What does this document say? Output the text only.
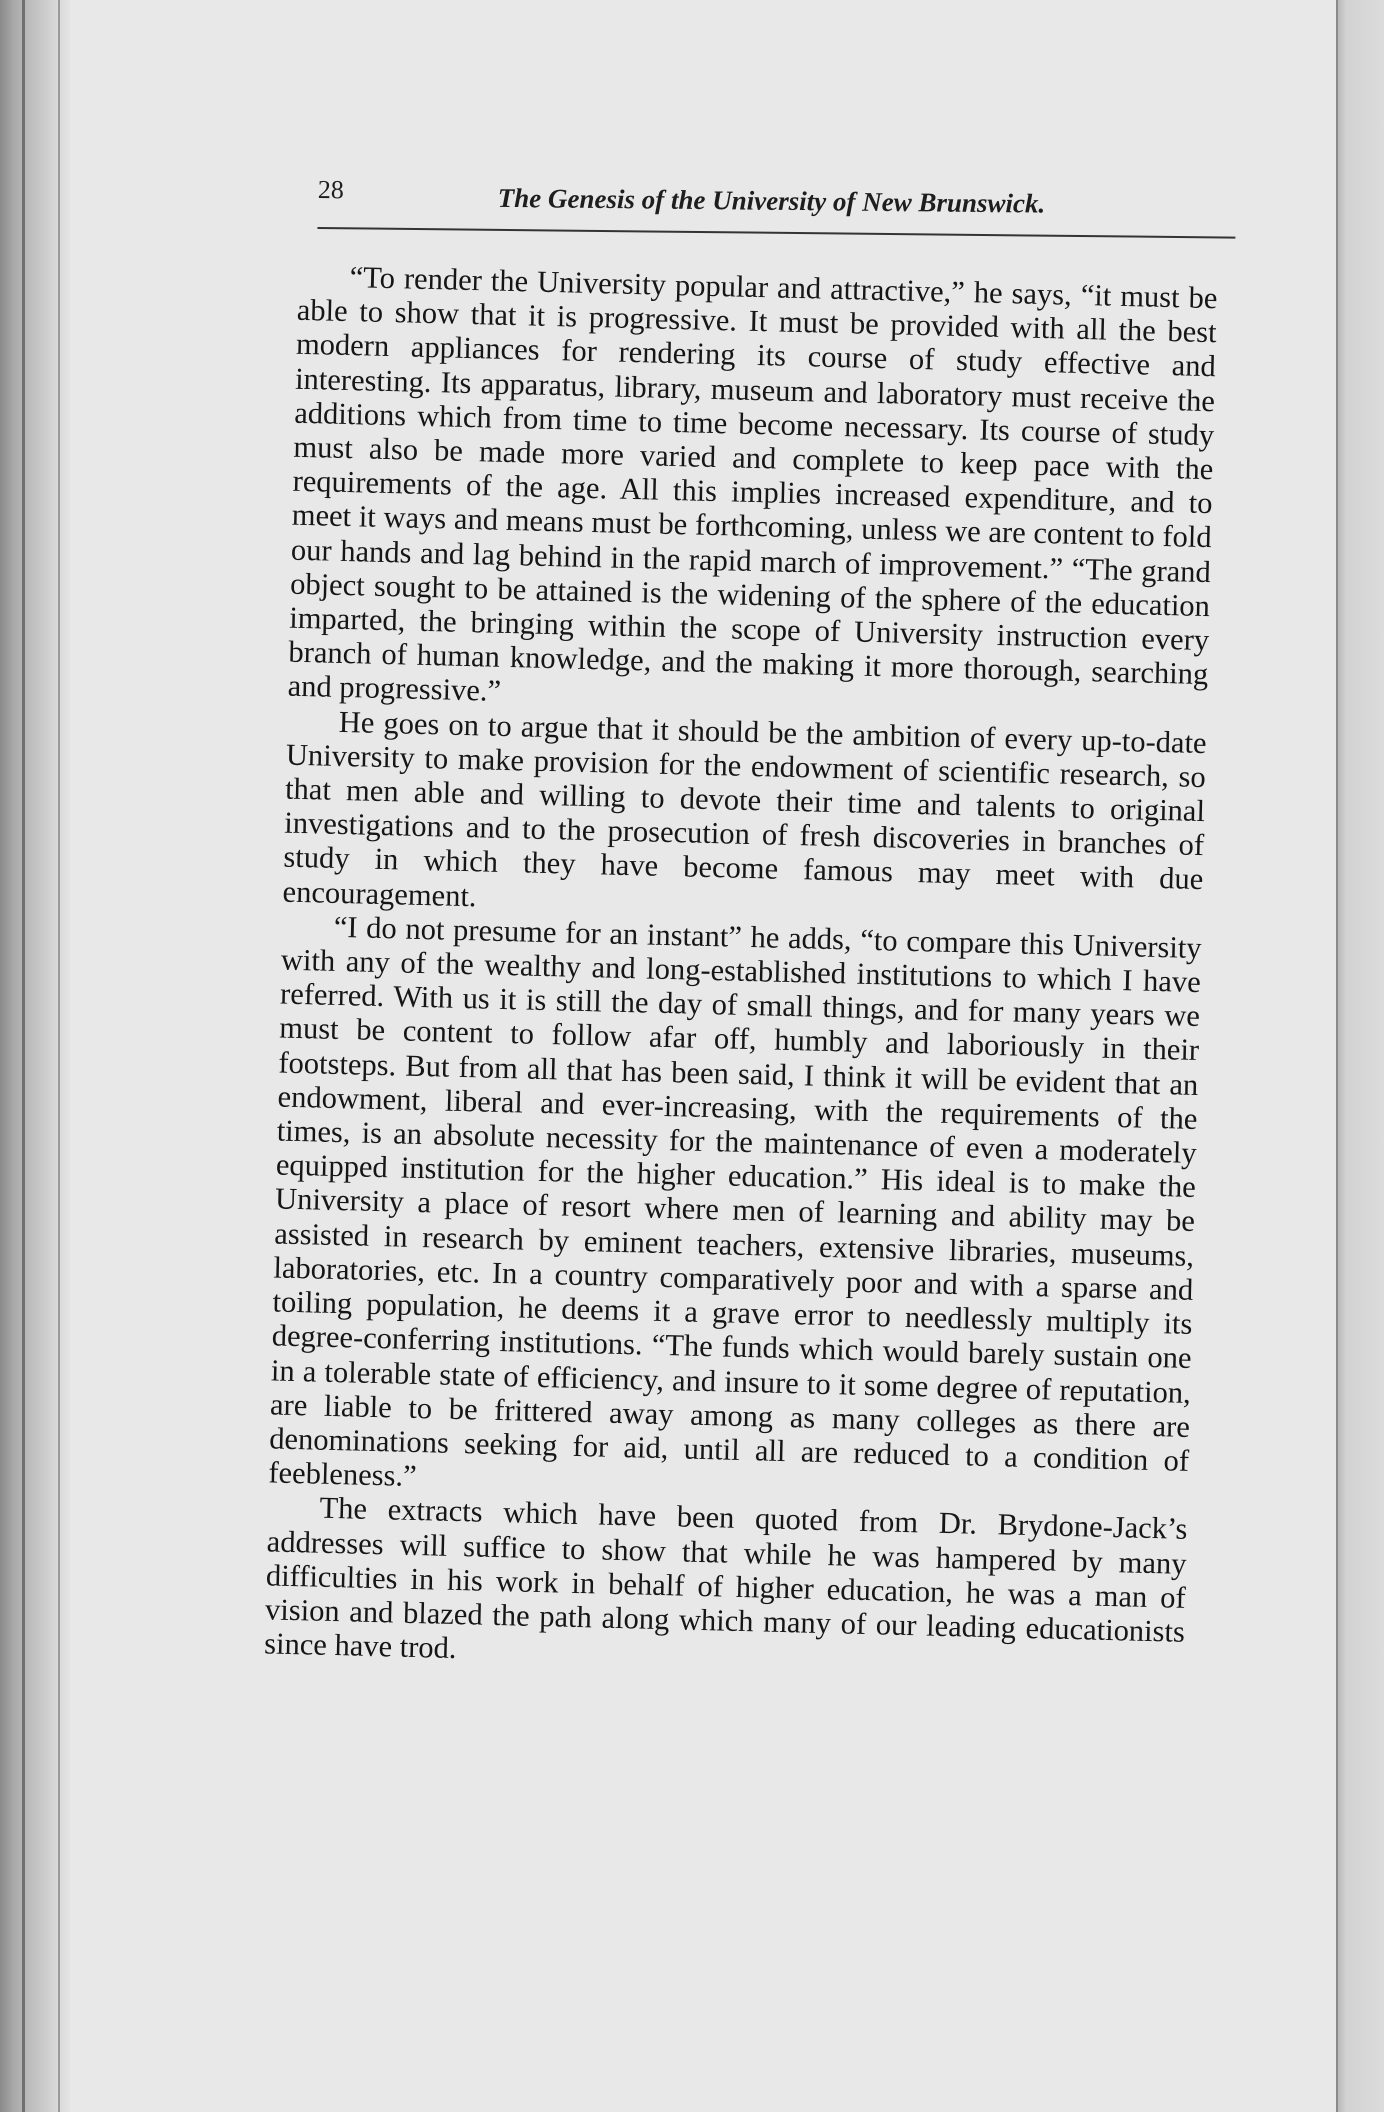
28	The Genesis of the University of New Brunswick.

“To render the University popular and attractive,” he says, “it must be able to show that it is progressive. It must be provided with all the best modern appliances for rendering its course of study effective and interesting. Its apparatus, library, museum and laboratory must receive the additions which from time to time become necessary. Its course of study must also be made more varied and complete to keep pace with the requirements of the age. All this implies increased expenditure, and to meet it ways and means must be forthcoming, unless we are content to fold our hands and lag behind in the rapid march of improvement.” “The grand object sought to be attained is the widening of the sphere of the education imparted, the bringing within the scope of University instruction every branch of human knowledge, and the making it more thorough, searching and progressive.”

He goes on to argue that it should be the ambition of every up-to-date University to make provision for the endowment of scientific research, so that men able and willing to devote their time and talents to original investigations and to the prosecution of fresh discoveries in branches of study in which they have become famous may meet with due encouragement.

“I do not presume for an instant” he adds, “to compare this University with any of the wealthy and long-established institutions to which I have referred. With us it is still the day of small things, and for many years we must be content to follow afar off, humbly and laboriously in their footsteps. But from all that has been said, I think it will be evident that an endowment, liberal and ever-increasing, with the requirements of the times, is an absolute necessity for the maintenance of even a moderately equipped institution for the higher education.” His ideal is to make the University a place of resort where men of learning and ability may be assisted in research by eminent teachers, extensive libraries, museums, laboratories, etc. In a country comparatively poor and with a sparse and toiling population, he deems it a grave error to needlessly multiply its degree-conferring institutions. “The funds which would barely sustain one in a tolerable state of efficiency, and insure to it some degree of reputation, are liable to be frittered away among as many colleges as there are denominations seeking for aid, until all are reduced to a condition of feebleness.”

The extracts which have been quoted from Dr. Brydone-Jack’s addresses will suffice to show that while he was hampered by many difficulties in his work in behalf of higher education, he was a man of vision and blazed the path along which many of our leading educationists since have trod.
